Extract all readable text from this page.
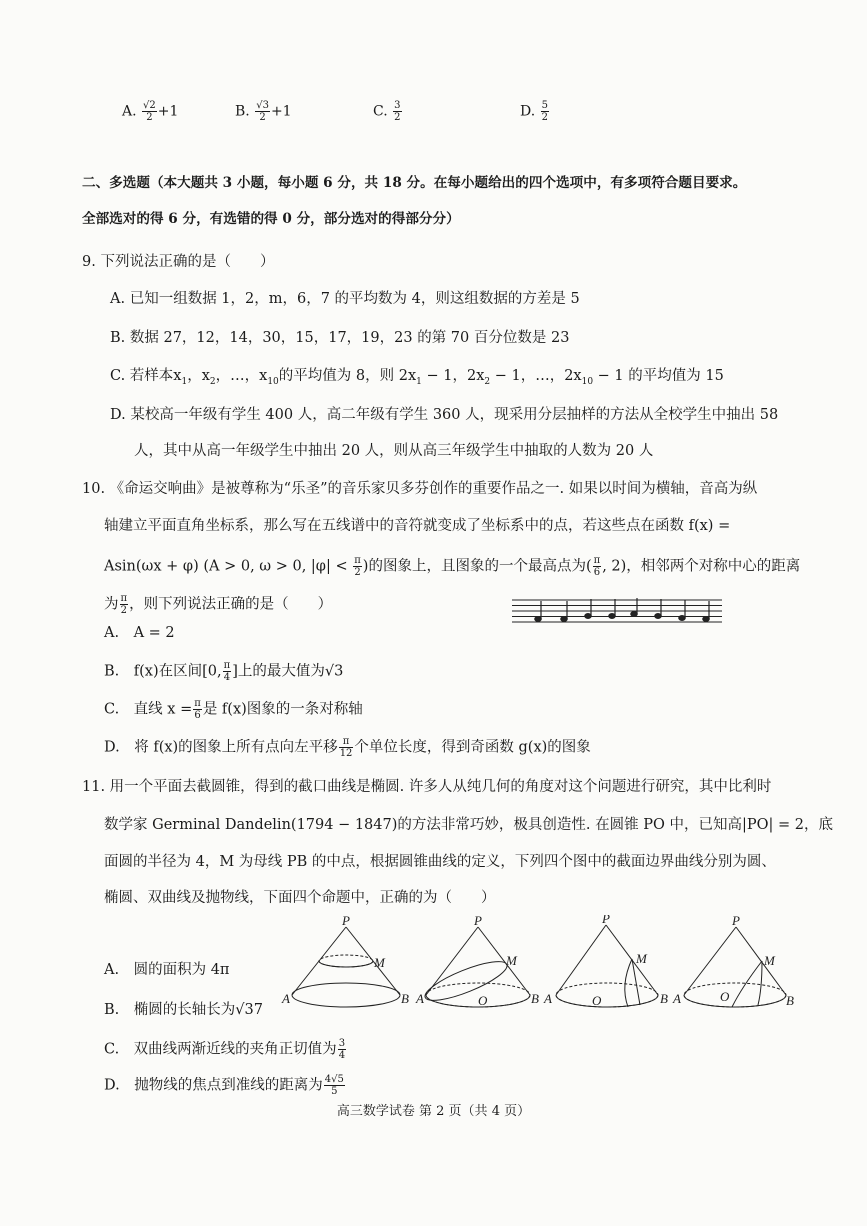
A. $\frac{√2}{2} +1$	B. $\frac{√3}{2} +1$	C. $\frac{3}{2}$	D. $\frac{5}{2}$
二、多选题（本大题共 3 小题，每小题 6 分，共 18 分。在每小题给出的四个选项中，有多项符合题目要求。
全部选对的得 6 分，有选错的得 0 分，部分选对的得部分分）
9. 下列说法正确的是（　　）
A. 已知一组数据 1，2，m，6，7 的平均数为 4，则这组数据的方差是 5
B. 数据 27，12，14，30，15，17，19，23 的第 70 百分位数是 23
C. 若样本$x_1$，$x_2$，…，$x_{10}$的平均值为 8，则 $2x_1 - 1$，$2x_2 - 1$，…，$2x_{10} - 1$ 的平均值为 15
D. 某校高一年级有学生 400 人，高二年级有学生 360 人，现采用分层抽样的方法从全校学生中抽出 58
人，其中从高一年级学生中抽出 20 人，则从高三年级学生中抽取的人数为 20 人
10. 《命运交响曲》是被尊称为“乐圣”的音乐家贝多芬创作的重要作品之一. 如果以时间为横轴，音高为纵
轴建立平面直角坐标系，那么写在五线谱中的音符就变成了坐标系中的点，若这些点在函数 f(x) =
Asin(ωx + φ) (A > 0, ω > 0, $|\varphi| < \frac{\pi}{2}$ )的图象上，且图象的一个最高点为( $\frac{\pi}{6}$ , 2)，相邻两个对称中心的距离
为 $\frac{\pi}{2}$ ，则下列说法正确的是（　　）
A.　A = 2
B.　f(x)在区间[0, $\frac{\pi}{4}$ ]上的最大值为√3
C.　直线 $x = \frac{\pi}{6}$ 是 f(x)图象的一条对称轴
D.　将 f(x)的图象上所有点向左平移 $\frac{\pi}{12}$ 个单位长度，得到奇函数 g(x)的图象
11. 用一个平面去截圆锥，得到的截口曲线是椭圆. 许多人从纯几何的角度对这个问题进行研究，其中比利时
数学家 Germinal Dandelin(1794 − 1847)的方法非常巧妙，极具创造性. 在圆锥 PO 中，已知高|PO| = 2，底
面圆的半径为 4，M 为母线 PB 的中点，根据圆锥曲线的定义，下列四个图中的截面边界曲线分别为圆、
椭圆、双曲线及抛物线，下面四个命题中，正确的为（　　）
P
M
A	B
P
M
A	B
O
P
M
A	B
O
P
M
A	B
O
A.　圆的面积为 4π
B.　椭圆的长轴长为√37
C.　双曲线两渐近线的夹角正切值为 $\frac{3}{4}$
D.　抛物线的焦点到准线的距离为 $\frac{4√5}{5}$
高三数学试卷 第 2 页（共 4 页）
